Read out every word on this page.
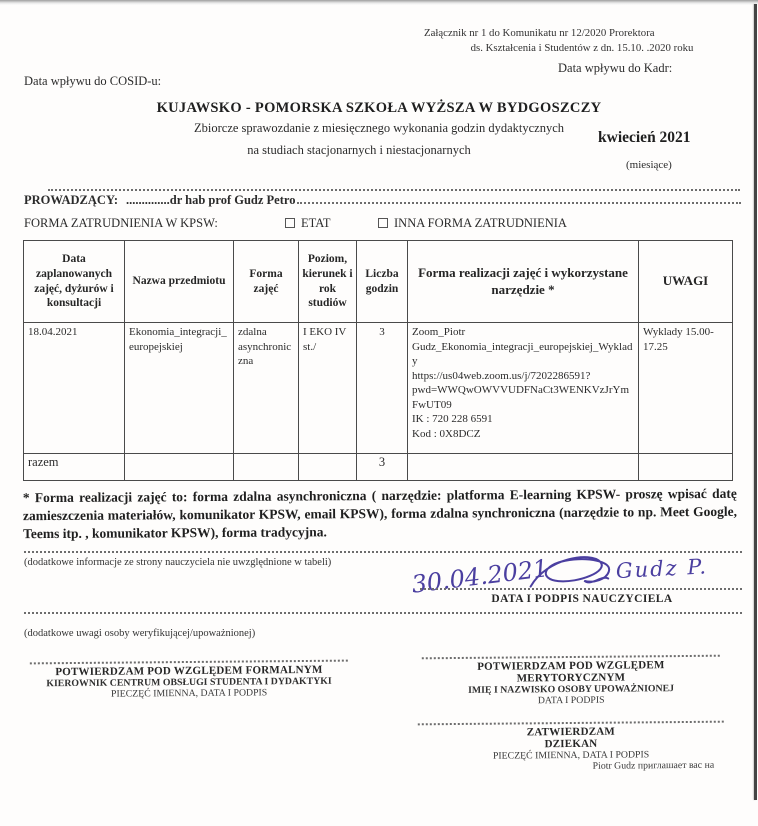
Załącznik nr 1 do Komunikatu nr 12/2020 Prorektora
ds. Kształcenia i Studentów z dn. 15.10. .2020 roku
Data wpływu do Kadr:
Data wpływu do COSID-u:
KUJAWSKO - POMORSKA SZKOŁA WYŻSZA W BYDGOSZCZY
Zbiorcze sprawozdanie z miesięcznego wykonania godzin dydaktycznych
na studiach stacjonarnych i niestacjonarnych
kwiecień 2021
(miesiące)
PROWADZĄCY: ..............dr hab prof Gudz Petro
FORMA ZATRUDNIENIA W KPSW:	ETAT	INNA FORMA ZATRUDNIENIA
Data zaplanowanych zajęć, dyżurów i konsultacji	Nazwa przedmiotu	Forma zajęć	Poziom, kierunek i rok studiów	Liczba godzin	Forma realizacji zajęć i wykorzystane narzędzie *	UWAGI
18.04.2021	Ekonomia_integracji_europejskiej	zdalna asynchroniczna	I EKO IV st./	3	Zoom_Piotr Gudz_Ekonomia_integracji_europejskiej_Wyklady
https://us04web.zoom.us/j/7202286591?pwd=WWQwOWVVUDFNaCt3WENKVzJrYmFwUT09
IK : 720 228 6591
Kod : 0X8DCZ	Wyklady 15.00-17.25
razem				3		
* Forma realizacji zajęć to: forma zdalna asynchroniczna ( narzędzie: platforma E-learning KPSW- proszę wpisać datę zamieszczenia materiałów, komunikator KPSW, email KPSW), forma zdalna synchroniczna (narzędzie to np. Meet Google, Teems itp. , komunikator KPSW), forma tradycyjna.
(dodatkowe informacje ze strony nauczyciela nie uwzględnione w tabeli)	30.04.2021	Gudz P.
DATA I PODPIS NAUCZYCIELA
(dodatkowe uwagi osoby weryfikującej/upoważnionej)
POTWIERDZAM POD WZGLĘDEM FORMALNYM
KIEROWNIK CENTRUM OBSŁUGI STUDENTA I DYDAKTYKI
PIECZĘĆ IMIENNA, DATA I PODPIS
POTWIERDZAM POD WZGLĘDEM MERYTORYCZNYM
IMIĘ I NAZWISKO OSOBY UPOWAŻNIONEJ
DATA I PODPIS
ZATWIERDZAM
DZIEKAN
PIECZĘĆ IMIENNA, DATA I PODPIS
Piotr Gudz приглашает вас на
